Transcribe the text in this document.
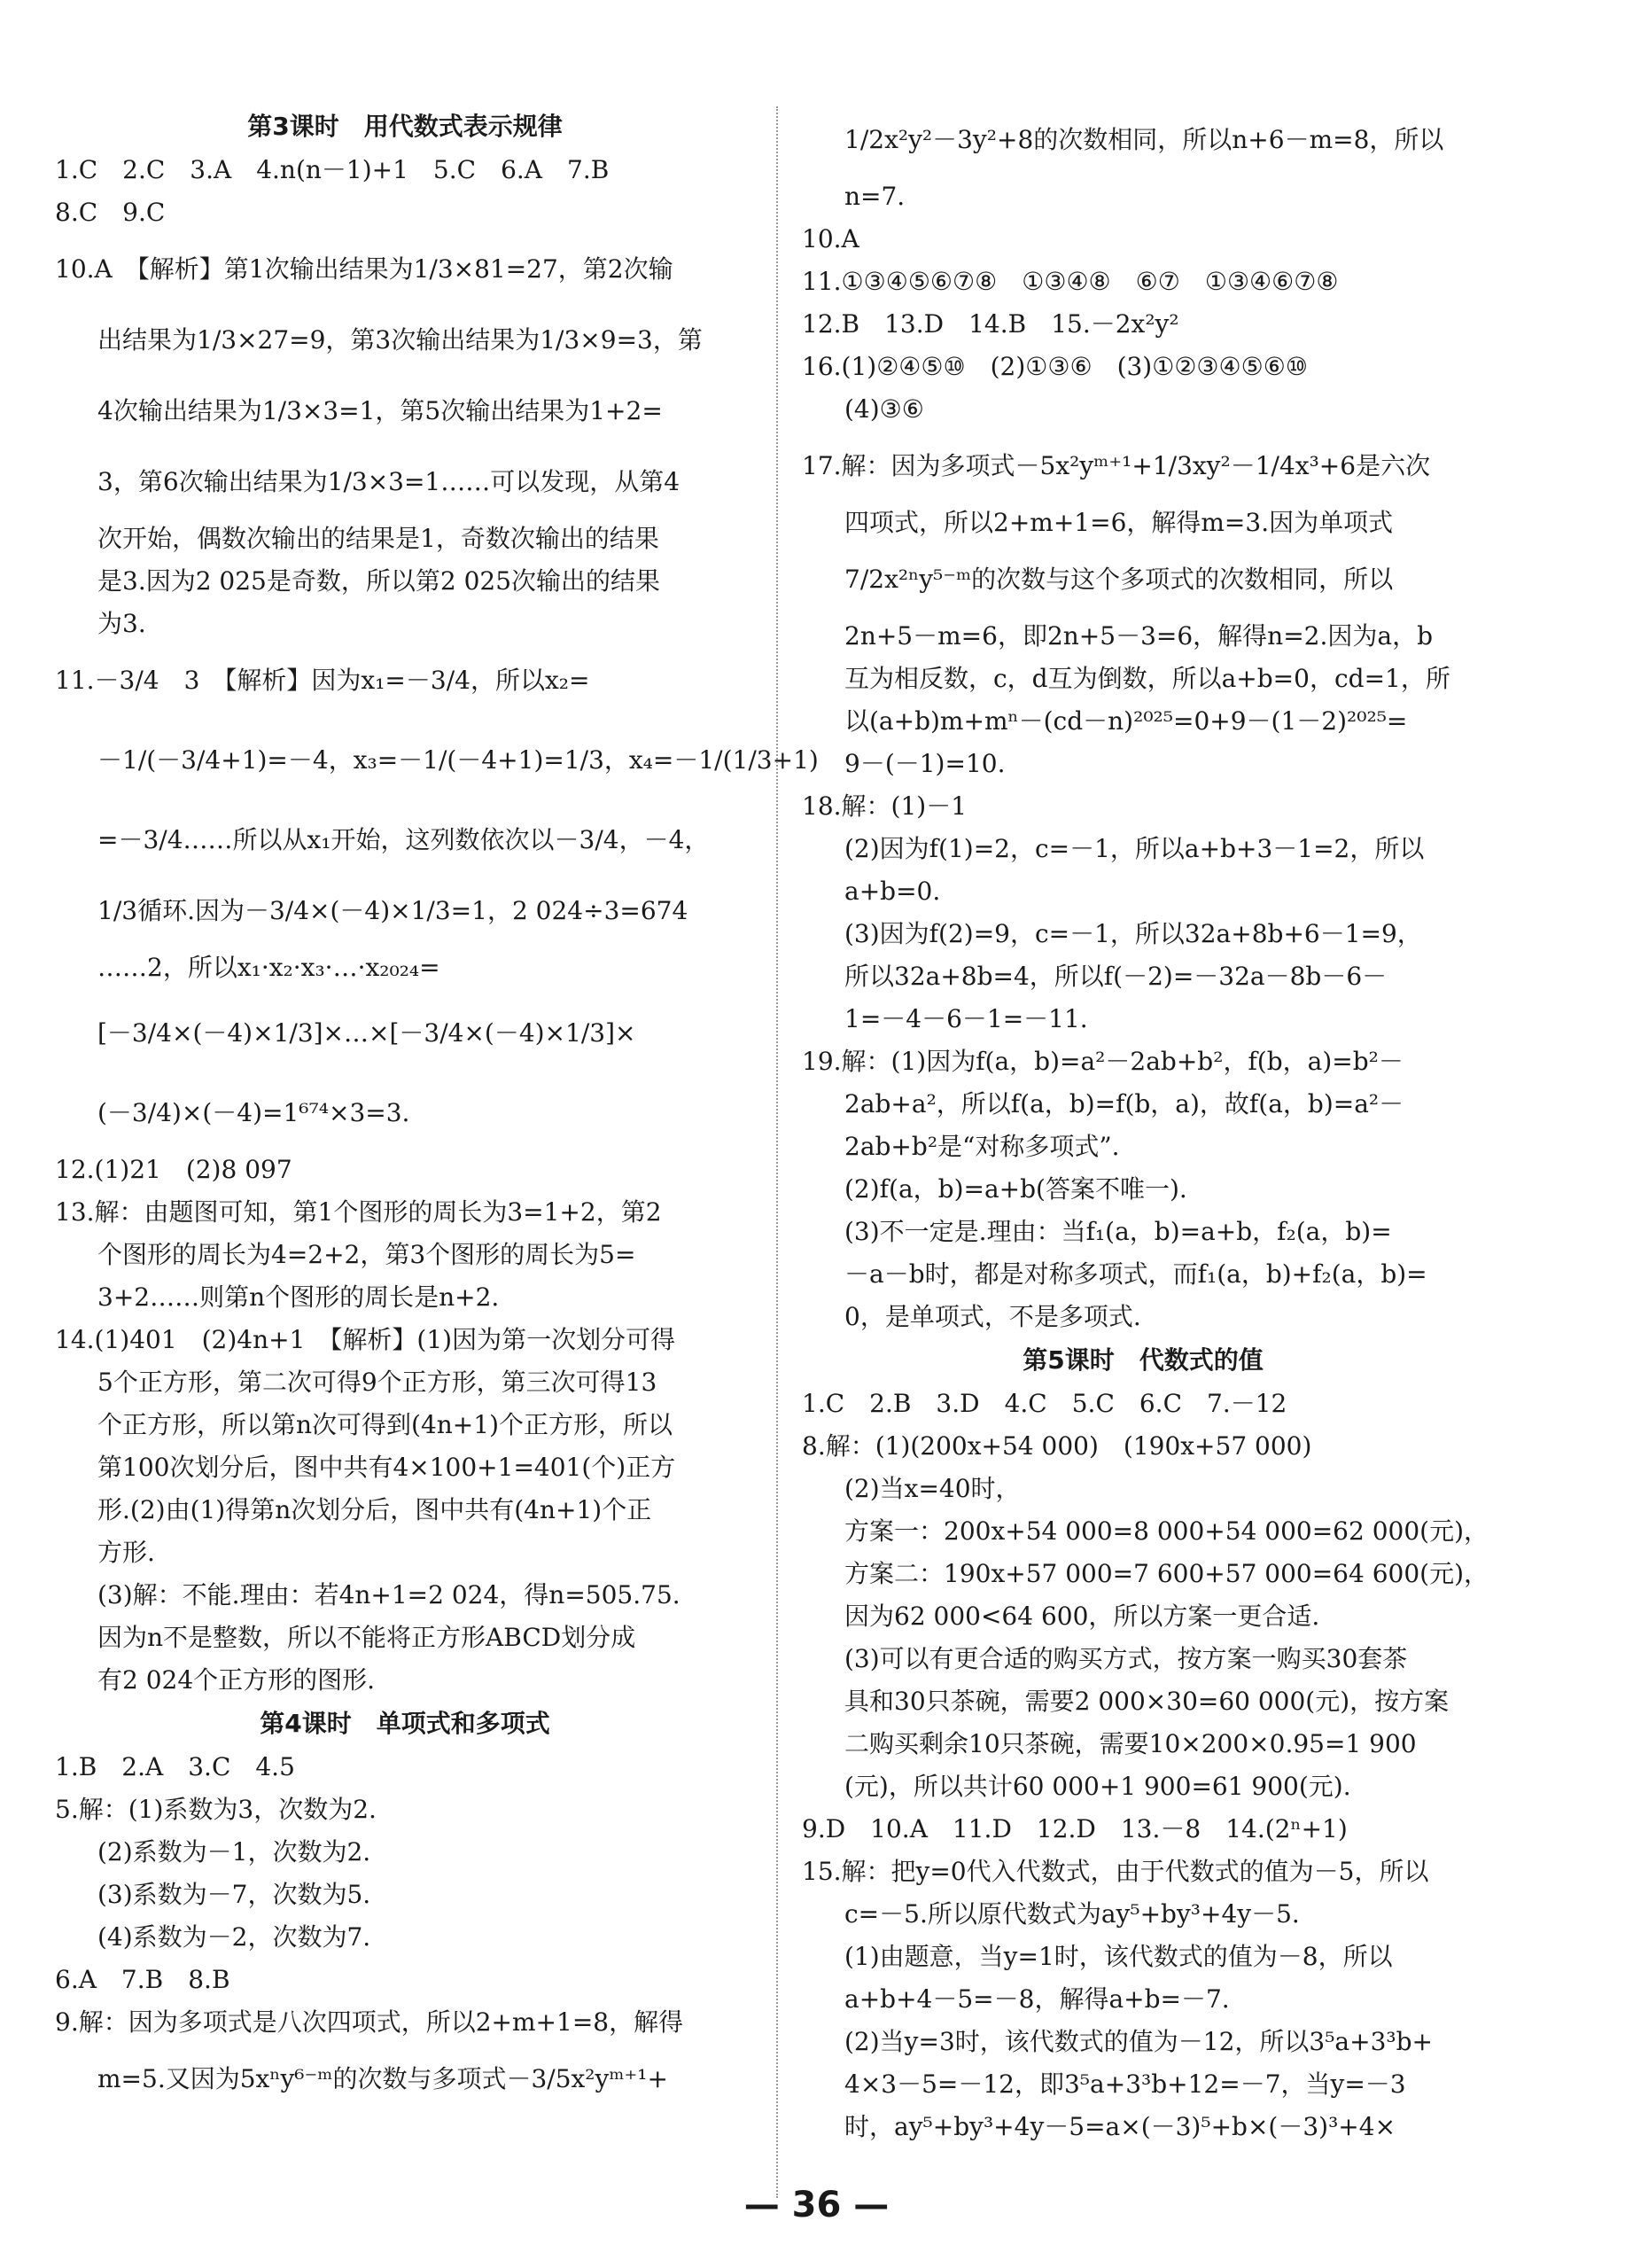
第3课时　用代数式表示规律
1.C　2.C　3.A　4.n(n－1)+1　5.C　6.A　7.B
8.C　9.C
10.A　【解析】第1次输出结果为1/3×81=27，第2次输
出结果为1/3×27=9，第3次输出结果为1/3×9=3，第
4次输出结果为1/3×3=1，第5次输出结果为1+2=
3，第6次输出结果为1/3×3=1……可以发现，从第4
次开始，偶数次输出的结果是1，奇数次输出的结果
是3.因为2 025是奇数，所以第2 025次输出的结果
为3.
11.－3/4　3　【解析】因为x₁=－3/4，所以x₂=
－1/(－3/4+1)=－4，x₃=－1/(－4+1)=1/3，x₄=－1/(1/3+1)
=－3/4……所以从x₁开始，这列数依次以－3/4，－4，
1/3循环.因为－3/4×(－4)×1/3=1，2 024÷3=674
……2，所以x₁·x₂·x₃·…·x₂₀₂₄=
[－3/4×(－4)×1/3]×…×[－3/4×(－4)×1/3]×
(－3/4)×(－4)=1⁶⁷⁴×3=3.
12.(1)21　(2)8 097
13.解：由题图可知，第1个图形的周长为3=1+2，第2
个图形的周长为4=2+2，第3个图形的周长为5=
3+2……则第n个图形的周长是n+2.
14.(1)401　(2)4n+1　【解析】(1)因为第一次划分可得
5个正方形，第二次可得9个正方形，第三次可得13
个正方形，所以第n次可得到(4n+1)个正方形，所以
第100次划分后，图中共有4×100+1=401(个)正方
形.(2)由(1)得第n次划分后，图中共有(4n+1)个正
方形.
(3)解：不能.理由：若4n+1=2 024，得n=505.75.
因为n不是整数，所以不能将正方形ABCD划分成
有2 024个正方形的图形.
第4课时　单项式和多项式
1.B　2.A　3.C　4.5
5.解：(1)系数为3，次数为2.
(2)系数为－1，次数为2.
(3)系数为－7，次数为5.
(4)系数为－2，次数为7.
6.A　7.B　8.B
9.解：因为多项式是八次四项式，所以2+m+1=8，解得
m=5.又因为5xⁿy⁶⁻ᵐ的次数与多项式－3/5x²yᵐ⁺¹+
1/2x²y²－3y²+8的次数相同，所以n+6－m=8，所以
n=7.
10.A
11.①③④⑤⑥⑦⑧　①③④⑧　⑥⑦　①③④⑥⑦⑧
12.B　13.D　14.B　15.－2x²y²
16.(1)②④⑤⑩　(2)①③⑥　(3)①②③④⑤⑥⑩
(4)③⑥
17.解：因为多项式－5x²yᵐ⁺¹+1/3xy²－1/4x³+6是六次
四项式，所以2+m+1=6，解得m=3.因为单项式
7/2x²ⁿy⁵⁻ᵐ的次数与这个多项式的次数相同，所以
2n+5－m=6，即2n+5－3=6，解得n=2.因为a，b
互为相反数，c，d互为倒数，所以a+b=0，cd=1，所
以(a+b)m+mⁿ－(cd－n)²⁰²⁵=0+9－(1－2)²⁰²⁵=
9－(－1)=10.
18.解：(1)－1
(2)因为f(1)=2，c=－1，所以a+b+3－1=2，所以
a+b=0.
(3)因为f(2)=9，c=－1，所以32a+8b+6－1=9，
所以32a+8b=4，所以f(－2)=－32a－8b－6－
1=－4－6－1=－11.
19.解：(1)因为f(a，b)=a²－2ab+b²，f(b，a)=b²－
2ab+a²，所以f(a，b)=f(b，a)，故f(a，b)=a²－
2ab+b²是“对称多项式”.
(2)f(a，b)=a+b(答案不唯一).
(3)不一定是.理由：当f₁(a，b)=a+b，f₂(a，b)=
－a－b时，都是对称多项式，而f₁(a，b)+f₂(a，b)=
0，是单项式，不是多项式.
第5课时　代数式的值
1.C　2.B　3.D　4.C　5.C　6.C　7.－12
8.解：(1)(200x+54 000)　(190x+57 000)
(2)当x=40时，
方案一：200x+54 000=8 000+54 000=62 000(元)，
方案二：190x+57 000=7 600+57 000=64 600(元)，
因为62 000<64 600，所以方案一更合适.
(3)可以有更合适的购买方式，按方案一购买30套茶
具和30只茶碗，需要2 000×30=60 000(元)，按方案
二购买剩余10只茶碗，需要10×200×0.95=1 900
(元)，所以共计60 000+1 900=61 900(元).
9.D　10.A　11.D　12.D　13.－8　14.(2ⁿ+1)
15.解：把y=0代入代数式，由于代数式的值为－5，所以
c=－5.所以原代数式为ay⁵+by³+4y－5.
(1)由题意，当y=1时，该代数式的值为－8，所以
a+b+4－5=－8，解得a+b=－7.
(2)当y=3时，该代数式的值为－12，所以3⁵a+3³b+
4×3－5=－12，即3⁵a+3³b+12=－7，当y=－3
时，ay⁵+by³+4y－5=a×(－3)⁵+b×(－3)³+4×
— 36 —
